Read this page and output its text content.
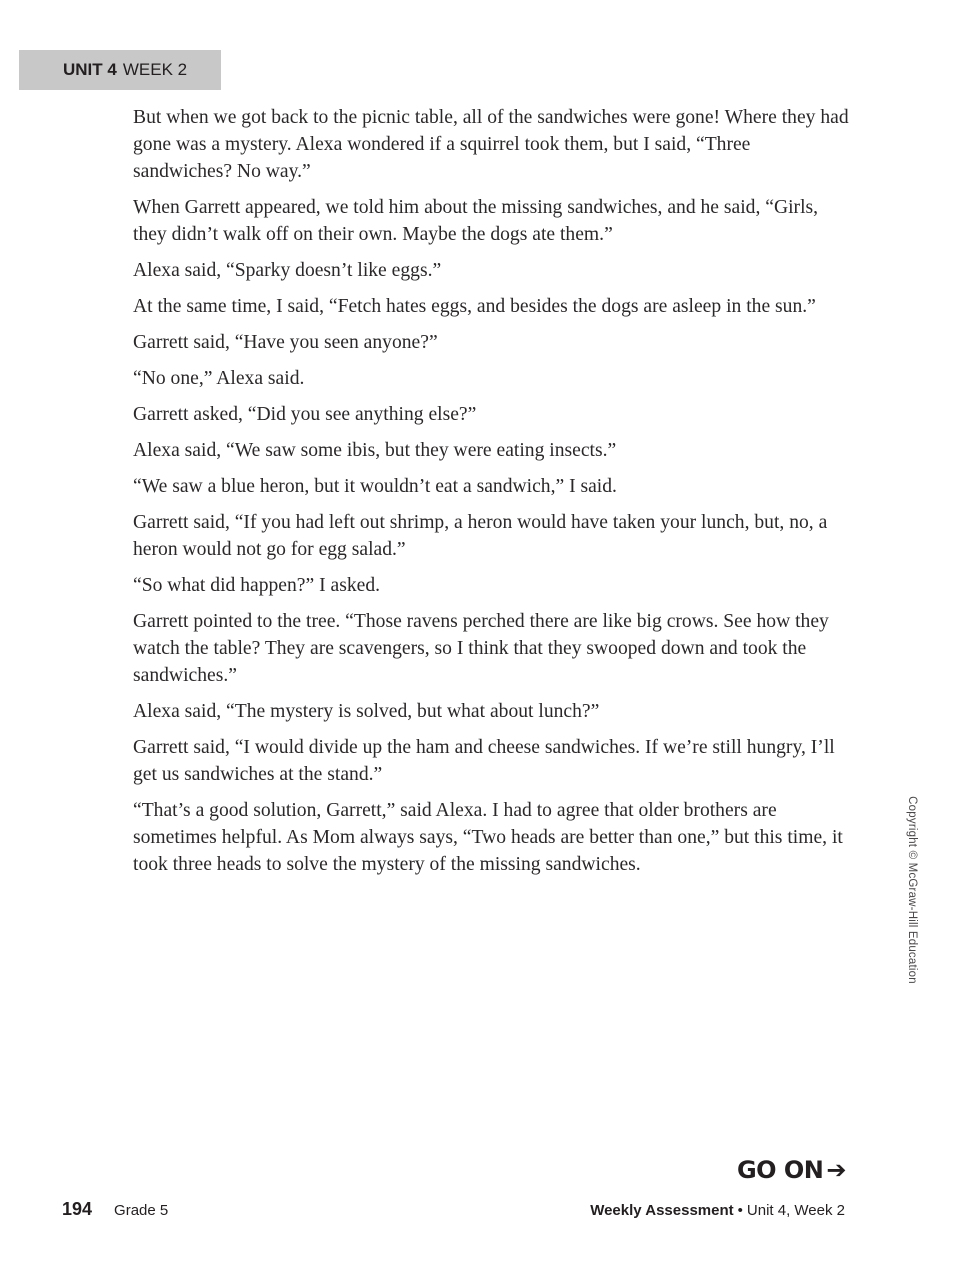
UNIT 4 WEEK 2

But when we got back to the picnic table, all of the sandwiches were gone! Where they had gone was a mystery. Alexa wondered if a squirrel took them, but I said, “Three sandwiches? No way.”

When Garrett appeared, we told him about the missing sandwiches, and he said, “Girls, they didn’t walk off on their own. Maybe the dogs ate them.”

Alexa said, “Sparky doesn’t like eggs.”

At the same time, I said, “Fetch hates eggs, and besides the dogs are asleep in the sun.”

Garrett said, “Have you seen anyone?”

“No one,” Alexa said.

Garrett asked, “Did you see anything else?”

Alexa said, “We saw some ibis, but they were eating insects.”

“We saw a blue heron, but it wouldn’t eat a sandwich,” I said.

Garrett said, “If you had left out shrimp, a heron would have taken your lunch, but, no, a heron would not go for egg salad.”

“So what did happen?” I asked.

Garrett pointed to the tree. “Those ravens perched there are like big crows. See how they watch the table? They are scavengers, so I think that they swooped down and took the sandwiches.”

Alexa said, “The mystery is solved, but what about lunch?”

Garrett said, “I would divide up the ham and cheese sandwiches. If we’re still hungry, I’ll get us sandwiches at the stand.”

“That’s a good solution, Garrett,” said Alexa. I had to agree that older brothers are sometimes helpful. As Mom always says, “Two heads are better than one,” but this time, it took three heads to solve the mystery of the missing sandwiches.	Copyright © McGraw-Hill Education
GO ON ➔
194 Grade 5	Weekly Assessment • Unit 4, Week 2
